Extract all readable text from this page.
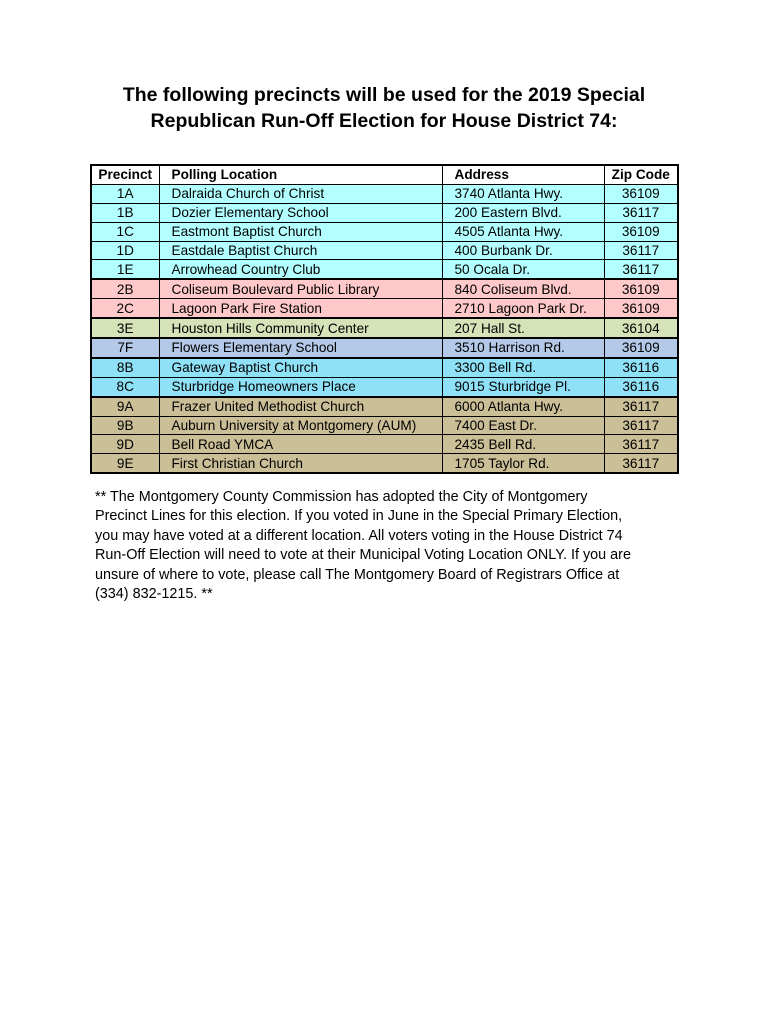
The following precincts will be used for the 2019 Special
Republican Run-Off Election for House District 74:
Precinct	Polling Location	Address	Zip Code
1A	Dalraida Church of Christ	3740 Atlanta Hwy.	36109
1B	Dozier Elementary School	200 Eastern Blvd.	36117
1C	Eastmont Baptist Church	4505 Atlanta Hwy.	36109
1D	Eastdale Baptist Church	400 Burbank Dr.	36117
1E	Arrowhead Country Club	50 Ocala Dr.	36117
2B	Coliseum Boulevard Public Library	840 Coliseum Blvd.	36109
2C	Lagoon Park Fire Station	2710 Lagoon Park Dr.	36109
3E	Houston Hills Community Center	207 Hall St.	36104
7F	Flowers Elementary School	3510 Harrison Rd.	36109
8B	Gateway Baptist Church	3300 Bell Rd.	36116
8C	Sturbridge Homeowners Place	9015 Sturbridge Pl.	36116
9A	Frazer United Methodist Church	6000 Atlanta Hwy.	36117
9B	Auburn University at Montgomery (AUM)	7400 East Dr.	36117
9D	Bell Road YMCA	2435 Bell Rd.	36117
9E	First Christian Church	1705 Taylor Rd.	36117
** The Montgomery County Commission has adopted the City of Montgomery
Precinct Lines for this election. If you voted in June in the Special Primary Election,
you may have voted at a different location. All voters voting in the House District 74
Run-Off Election will need to vote at their Municipal Voting Location ONLY. If you are
unsure of where to vote, please call The Montgomery Board of Registrars Office at
(334) 832-1215. **
